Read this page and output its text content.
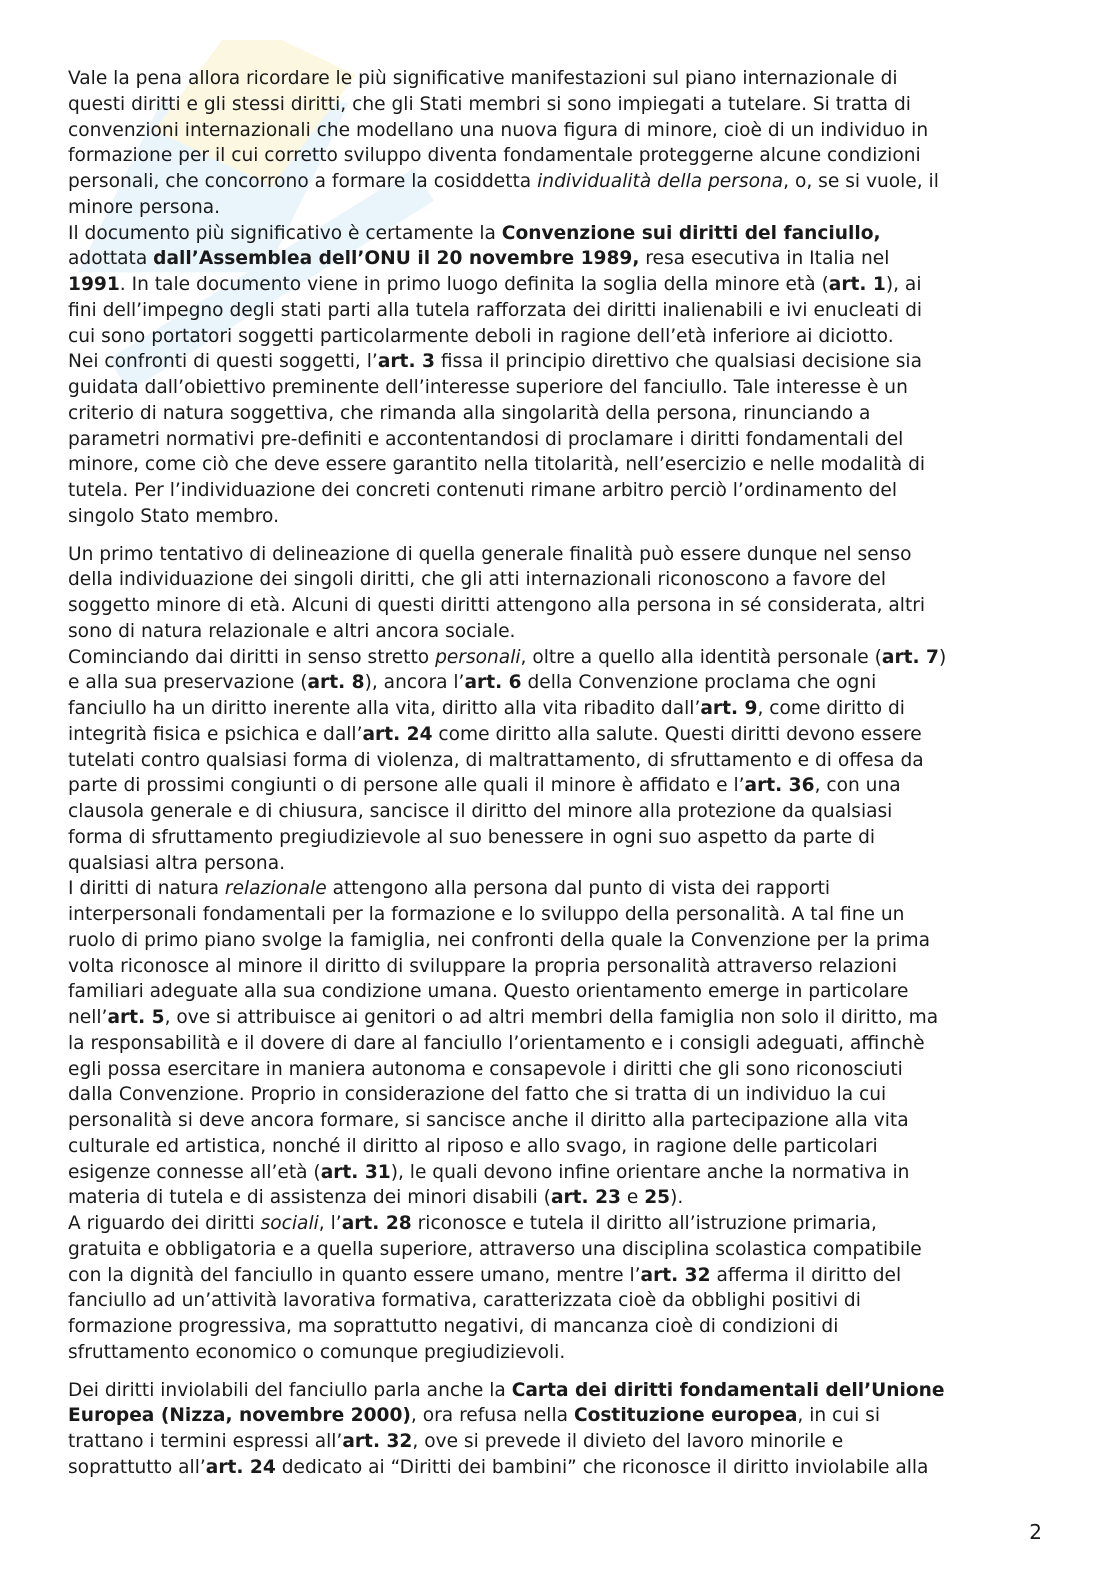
Vale la pena allora ricordare le più significative manifestazioni sul piano internazionale di

questi diritti e gli stessi diritti, che gli Stati membri si sono impiegati a tutelare. Si tratta di

convenzioni internazionali che modellano una nuova figura di minore, cioè di un individuo in

formazione per il cui corretto sviluppo diventa fondamentale proteggerne alcune condizioni

personali, che concorrono a formare la cosiddetta individualità della persona, o, se si vuole, il

minore persona.

Il documento più significativo è certamente la Convenzione sui diritti del fanciullo,

adottata dall’Assemblea dell’ONU il 20 novembre 1989, resa esecutiva in Italia nel

1991. In tale documento viene in primo luogo definita la soglia della minore età (art. 1), ai

fini dell’impegno degli stati parti alla tutela rafforzata dei diritti inalienabili e ivi enucleati di

cui sono portatori soggetti particolarmente deboli in ragione dell’età inferiore ai diciotto.

Nei confronti di questi soggetti, l’art. 3 fissa il principio direttivo che qualsiasi decisione sia

guidata dall’obiettivo preminente dell’interesse superiore del fanciullo. Tale interesse è un

criterio di natura soggettiva, che rimanda alla singolarità della persona, rinunciando a

parametri normativi pre-definiti e accontentandosi di proclamare i diritti fondamentali del

minore, come ciò che deve essere garantito nella titolarità, nell’esercizio e nelle modalità di

tutela. Per l’individuazione dei concreti contenuti rimane arbitro perciò l’ordinamento del

singolo Stato membro.

Un primo tentativo di delineazione di quella generale finalità può essere dunque nel senso

della individuazione dei singoli diritti, che gli atti internazionali riconoscono a favore del

soggetto minore di età. Alcuni di questi diritti attengono alla persona in sé considerata, altri

sono di natura relazionale e altri ancora sociale.

Cominciando dai diritti in senso stretto personali, oltre a quello alla identità personale (art. 7)

e alla sua preservazione (art. 8), ancora l’art. 6 della Convenzione proclama che ogni

fanciullo ha un diritto inerente alla vita, diritto alla vita ribadito dall’art. 9, come diritto di

integrità fisica e psichica e dall’art. 24 come diritto alla salute. Questi diritti devono essere

tutelati contro qualsiasi forma di violenza, di maltrattamento, di sfruttamento e di offesa da

parte di prossimi congiunti o di persone alle quali il minore è affidato e l’art. 36, con una

clausola generale e di chiusura, sancisce il diritto del minore alla protezione da qualsiasi

forma di sfruttamento pregiudizievole al suo benessere in ogni suo aspetto da parte di

qualsiasi altra persona.

I diritti di natura relazionale attengono alla persona dal punto di vista dei rapporti

interpersonali fondamentali per la formazione e lo sviluppo della personalità. A tal fine un

ruolo di primo piano svolge la famiglia, nei confronti della quale la Convenzione per la prima

volta riconosce al minore il diritto di sviluppare la propria personalità attraverso relazioni

familiari adeguate alla sua condizione umana. Questo orientamento emerge in particolare

nell’art. 5, ove si attribuisce ai genitori o ad altri membri della famiglia non solo il diritto, ma

la responsabilità e il dovere di dare al fanciullo l’orientamento e i consigli adeguati, affinchè

egli possa esercitare in maniera autonoma e consapevole i diritti che gli sono riconosciuti

dalla Convenzione. Proprio in considerazione del fatto che si tratta di un individuo la cui

personalità si deve ancora formare, si sancisce anche il diritto alla partecipazione alla vita

culturale ed artistica, nonché il diritto al riposo e allo svago, in ragione delle particolari

esigenze connesse all’età (art. 31), le quali devono infine orientare anche la normativa in

materia di tutela e di assistenza dei minori disabili (art. 23 e 25).

A riguardo dei diritti sociali, l’art. 28 riconosce e tutela il diritto all’istruzione primaria,

gratuita e obbligatoria e a quella superiore, attraverso una disciplina scolastica compatibile

con la dignità del fanciullo in quanto essere umano, mentre l’art. 32 afferma il diritto del

fanciullo ad un’attività lavorativa formativa, caratterizzata cioè da obblighi positivi di

formazione progressiva, ma soprattutto negativi, di mancanza cioè di condizioni di

sfruttamento economico o comunque pregiudizievoli.

Dei diritti inviolabili del fanciullo parla anche la Carta dei diritti fondamentali dell’Unione

Europea (Nizza, novembre 2000), ora refusa nella Costituzione europea, in cui si

trattano i termini espressi all’art. 32, ove si prevede il divieto del lavoro minorile e

soprattutto all’art. 24 dedicato ai “Diritti dei bambini” che riconosce il diritto inviolabile alla

2
